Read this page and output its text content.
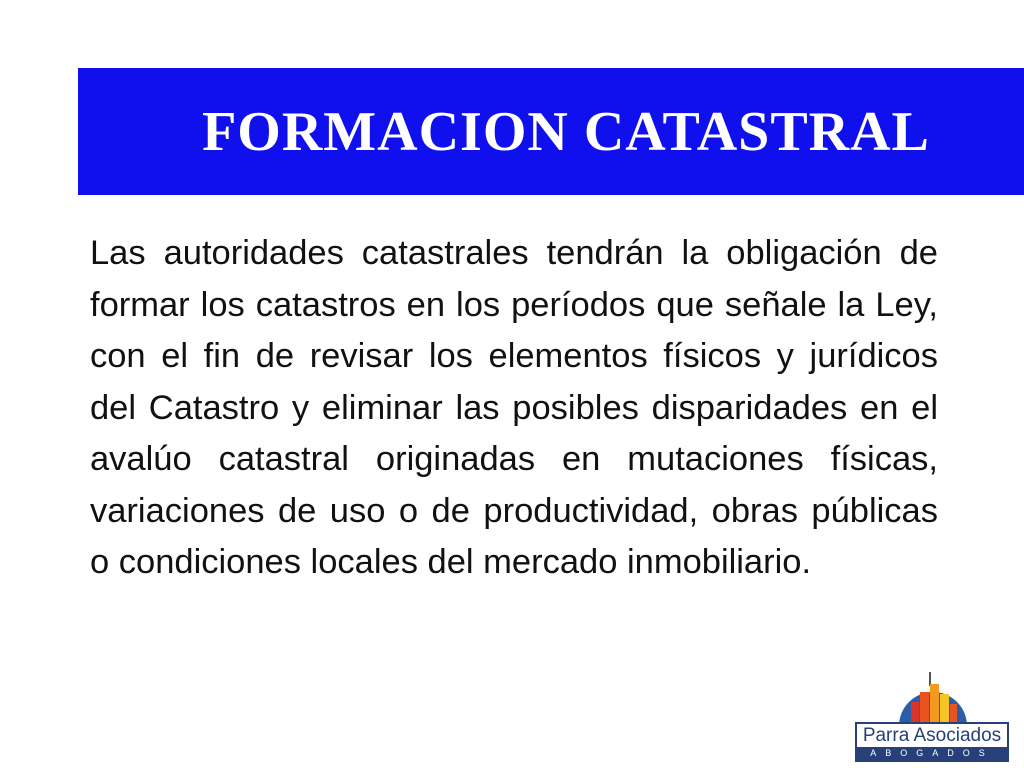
FORMACION CATASTRAL

Las autoridades catastrales tendrán la obligación de formar los catastros en los períodos que señale la Ley, con el fin de revisar los elementos físicos y jurídicos del Catastro y eliminar las posibles disparidades en el avalúo catastral originadas en mutaciones físicas, variaciones de uso o de productividad, obras públicas o condiciones locales del mercado inmobiliario.

Parra Asociados
ABOGADOS
